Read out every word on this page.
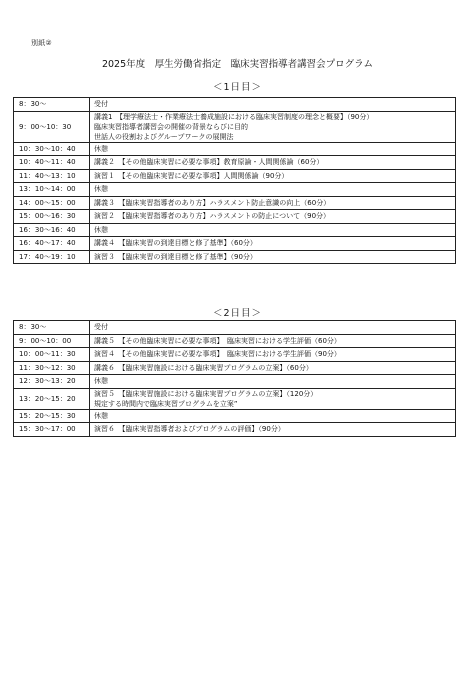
別紙②
2025年度　厚生労働省指定　臨床実習指導者講習会プログラム
＜1日目＞
8：30～	受付

9：00～10：30	講義1　【理学療法士・作業療法士養成施設における臨床実習制度の理念と概要】（90分）
臨床実習指導者講習会の開催の背景ならびに目的
世話人の役割およびグループワークの展開法

10：30～10：40	休憩

10：40～11：40	講義２　【その他臨床実習に必要な事項】教育原論・人間関係論（60分）

11：40～13：10	演習１　【その他臨床実習に必要な事項】人間関係論（90分）

13：10～14：00	休憩

14：00～15：00	講義３　【臨床実習指導者のあり方】ハラスメント防止意識の向上（60分）

15：00～16：30	演習２　【臨床実習指導者のあり方】ハラスメントの防止について（90分）

16：30～16：40	休憩

16：40～17：40	講義４　【臨床実習の到達目標と修了基準】（60分）

17：40～19：10	演習３　【臨床実習の到達目標と修了基準】（90分）
＜2日目＞
8：30～	受付

9：00～10：00	講義５　【その他臨床実習に必要な事項】　臨床実習における学生評価（60分）

10：00～11：30	演習４　【その他臨床実習に必要な事項】　臨床実習における学生評価（90分）

11：30～12：30	講義６　【臨床実習施設における臨床実習プログラムの立案】（60分）

12：30～13：20	休憩

13：20～15：20	演習５　【臨床実習施設における臨床実習プログラムの立案】（120分）
規定する時間内で臨床実習プログラムを立案”

15：20～15：30	休憩

15：30～17：00	演習６　【臨床実習指導者およびプログラムの評価】（90分）
